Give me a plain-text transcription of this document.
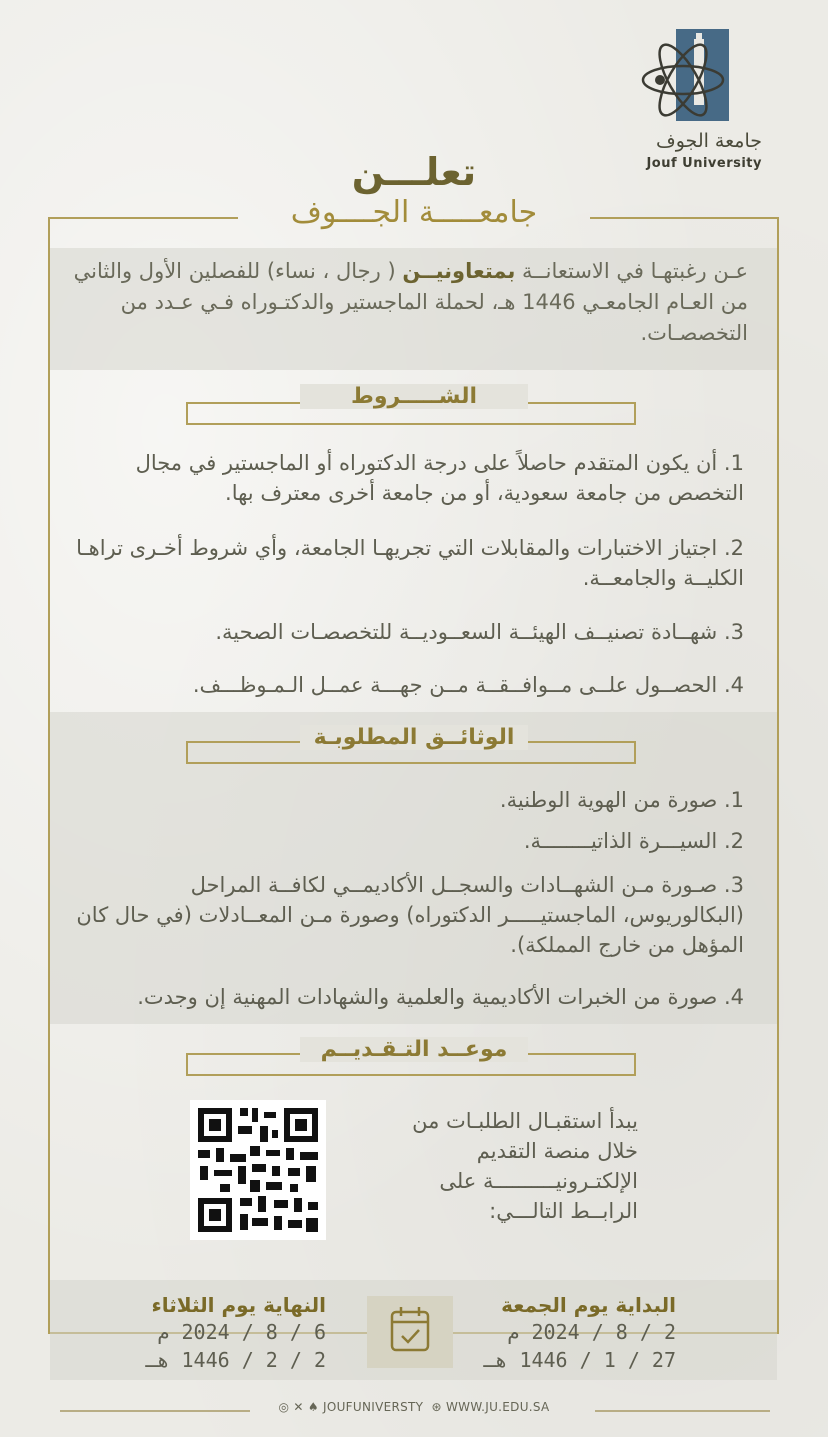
جامعة الجوف
Jouf University
تعلـــن
جامعـــــة الجــــوف
عـن رغبتهـا في الاستعانــة بمتعاونيــن ( رجال ، نساء) للفصلين الأول والثاني من العـام الجامعـي 1446 هـ، لحملة الماجستير والدكتـوراه فـي عـدد من التخصصـات.
الشـــــروط
1. أن يكون المتقدم حاصلاً على درجة الدكتوراه أو الماجستير في مجال التخصص من جامعة سعودية، أو من جامعة أخرى معترف بها.
2. اجتياز الاختبارات والمقابلات التي تجريهـا الجامعة، وأي شروط أخـرى تراهـا الكليــة والجامعــة.
3. شهــادة تصنيــف الهيئــة السعــوديــة للتخصصـات الصحية.
4. الحصــول علــى مــوافــقــة مــن جهـــة عمــل الـمـوظـــف.
الوثائــق المطلوبـة
1. صورة من الهوية الوطنية.
2. السيـــرة الذاتيــــــــة.
3. صـورة مـن الشهــادات والسجــل الأكاديمــي لكافــة المراحل (البكالوريوس، الماجستيـــــر الدكتوراه) وصورة مـن المعــادلات (في حال كان المؤهل من خارج المملكة).
4. صورة من الخبرات الأكاديمية والعلمية والشهادات المهنية إن وجدت.
موعــد التـقـديــم
يبدأ استقبـال الطلبـات من خلال منصة التقديم الإلكتـرونيــــــــــة على الرابــط التالـــي:
البداية يوم الجمعة
2 / 8 / 2024 م
27 / 1 / 1446 هـ
النهاية يوم الثلاثاء
6 / 8 / 2024 م
2 / 2 / 1446 هـ
◎ ✕ ♠ JOUFUNIVERSTY ⊛ WWW.JU.EDU.SA
